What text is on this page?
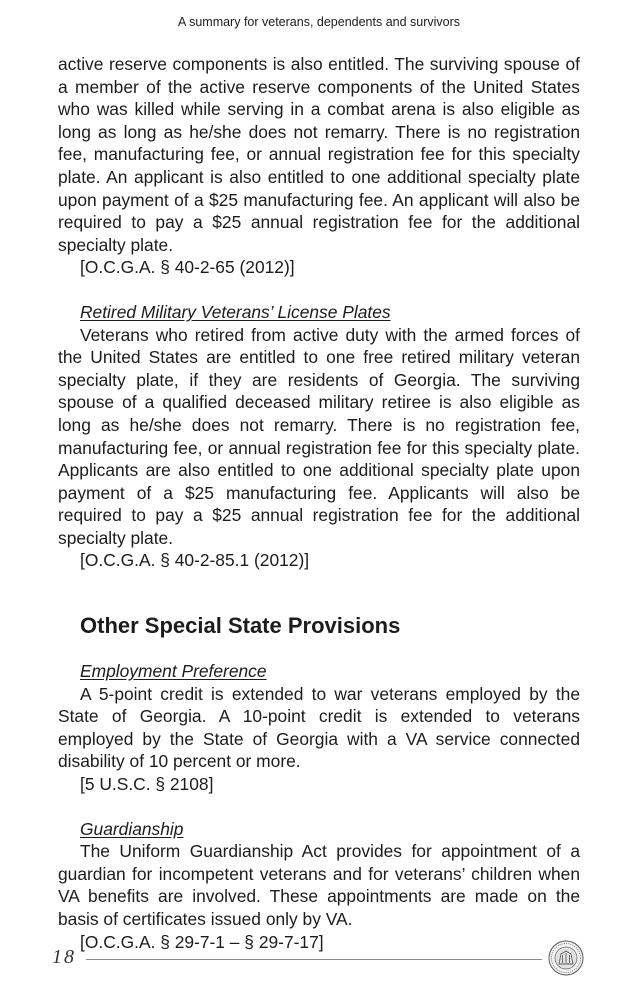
A summary for veterans, dependents and survivors

active reserve components is also entitled. The surviving spouse of a member of the active reserve components of the United States who was killed while serving in a combat arena is also eligible as long as long as he/she does not remarry. There is no registration fee, manufacturing fee, or annual registration fee for this specialty plate. An applicant is also entitled to one additional specialty plate upon payment of a $25 manufacturing fee. An applicant will also be required to pay a $25 annual registration fee for the additional specialty plate.

[O.C.G.A. § 40-2-65 (2012)]

Retired Military Veterans’ License Plates

Veterans who retired from active duty with the armed forces of the United States are entitled to one free retired military veteran specialty plate, if they are residents of Georgia. The surviving spouse of a qualified deceased military retiree is also eligible as long as he/she does not remarry. There is no registration fee, manufacturing fee, or annual registration fee for this specialty plate. Applicants are also entitled to one additional specialty plate upon payment of a $25 manufacturing fee. Applicants will also be required to pay a $25 annual registration fee for the additional specialty plate.

[O.C.G.A. § 40-2-85.1 (2012)]

Other Special State Provisions
Employment Preference

A 5-point credit is extended to war veterans employed by the State of Georgia. A 10-point credit is extended to veterans employed by the State of Georgia with a VA service connected disability of 10 percent or more.

[5 U.S.C. § 2108]

Guardianship

The Uniform Guardianship Act provides for appointment of a guardian for incompetent veterans and for veterans’ children when VA benefits are involved. These appointments are made on the basis of certificates issued only by VA.

[O.C.G.A. § 29-7-1 – § 29-7-17]

18
